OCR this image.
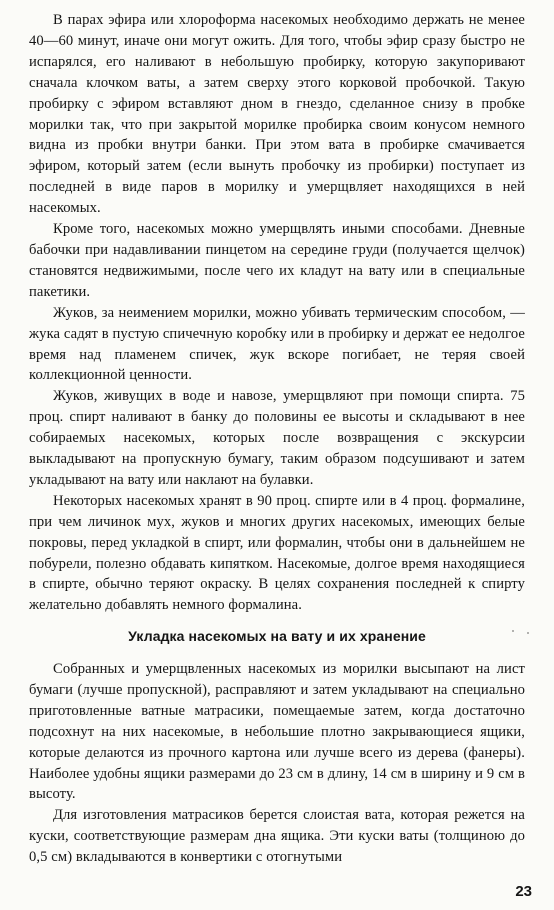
В парах эфира или хлороформа насекомых необходимо держать не менее 40—60 минут, иначе они могут ожить. Для того, чтобы эфир сразу быстро не испарялся, его наливают в небольшую пробирку, которую закупоривают сначала клочком ваты, а затем сверху этого корковой пробочкой. Такую пробирку с эфиром вставляют дном в гнездо, сделанное снизу в пробке морилки так, что при закрытой морилке пробирка своим конусом немного видна из пробки внутри банки. При этом вата в пробирке смачивается эфиром, который затем (если вынуть пробочку из пробирки) поступает из последней в виде паров в морилку и умерщвляет находящихся в ней насекомых.

Кроме того, насекомых можно умерщвлять иными способами. Дневные бабочки при надавливании пинцетом на середине груди (получается щелчок) становятся недвижимыми, после чего их кладут на вату или в специальные пакетики.

Жуков, за неимением морилки, можно убивать термическим способом, — жука садят в пустую спичечную коробку или в пробирку и держат ее недолгое время над пламенем спичек, жук вскоре погибает, не теряя своей коллекционной ценности.

Жуков, живущих в воде и навозе, умерщвляют при помощи спирта. 75 проц. спирт наливают в банку до половины ее высоты и складывают в нее собираемых насекомых, которых после возвращения с экскурсии выкладывают на пропускную бумагу, таким образом подсушивают и затем укладывают на вату или наклают на булавки.

Некоторых насекомых хранят в 90 проц. спирте или в 4 проц. формалине, при чем личинок мух, жуков и многих других насекомых, имеющих белые покровы, перед укладкой в спирт, или формалин, чтобы они в дальнейшем не побурели, полезно обдавать кипятком. Насекомые, долгое время находящиеся в спирте, обычно теряют окраску. В целях сохранения последней к спирту желательно добавлять немного формалина.

Укладка насекомых на вату и их хранение

Собранных и умерщвленных насекомых из морилки высыпают на лист бумаги (лучше пропускной), расправляют и затем укладывают на специально приготовленные ватные матрасики, помещаемые затем, когда достаточно подсохнут на них насекомые, в небольшие плотно закрывающиеся ящики, которые делаются из прочного картона или лучше всего из дерева (фанеры). Наиболее удобны ящики размерами до 23 см в длину, 14 см в ширину и 9 см в высоту.

Для изготовления матрасиков берется слоистая вата, которая режется на куски, соответствующие размерам дна ящика. Эти куски ваты (толщиною до 0,5 см) вкладываются в конвертики с отогнутыми

23
